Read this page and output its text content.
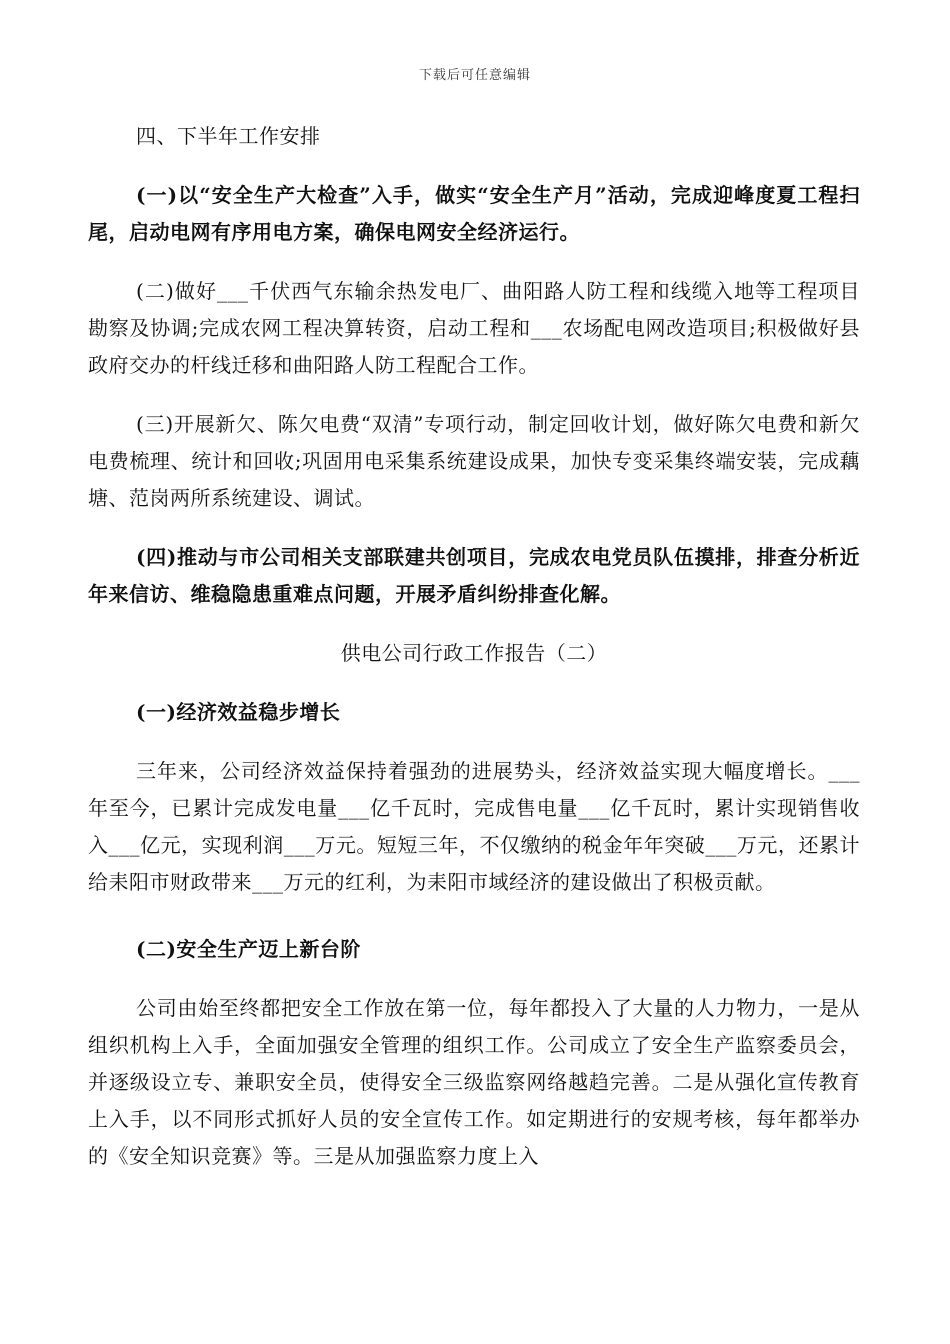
下载后可任意编辑

四、下半年工作安排

(一)以“安全生产大检查”入手，做实“安全生产月”活动，完成迎峰度夏工程扫尾，启动电网有序用电方案，确保电网安全经济运行。

(二)做好___千伏西气东输余热发电厂、曲阳路人防工程和线缆入地等工程项目勘察及协调;完成农网工程决算转资，启动工程和___农场配电网改造项目;积极做好县政府交办的杆线迁移和曲阳路人防工程配合工作。

(三)开展新欠、陈欠电费“双清”专项行动，制定回收计划，做好陈欠电费和新欠电费梳理、统计和回收;巩固用电采集系统建设成果，加快专变采集终端安装，完成藕塘、范岗两所系统建设、调试。

(四)推动与市公司相关支部联建共创项目，完成农电党员队伍摸排，排查分析近年来信访、维稳隐患重难点问题，开展矛盾纠纷排查化解。

供电公司行政工作报告（二）

(一)经济效益稳步增长

三年来，公司经济效益保持着强劲的进展势头，经济效益实现大幅度增长。___年至今，已累计完成发电量___亿千瓦时，完成售电量___亿千瓦时，累计实现销售收入___亿元，实现利润___万元。短短三年，不仅缴纳的税金年年突破___万元，还累计给耒阳市财政带来___万元的红利，为耒阳市域经济的建设做出了积极贡献。

(二)安全生产迈上新台阶

公司由始至终都把安全工作放在第一位，每年都投入了大量的人力物力，一是从组织机构上入手，全面加强安全管理的组织工作。公司成立了安全生产监察委员会，并逐级设立专、兼职安全员，使得安全三级监察网络越趋完善。二是从强化宣传教育上入手，以不同形式抓好人员的安全宣传工作。如定期进行的安规考核，每年都举办的《安全知识竞赛》等。三是从加强监察力度上入
